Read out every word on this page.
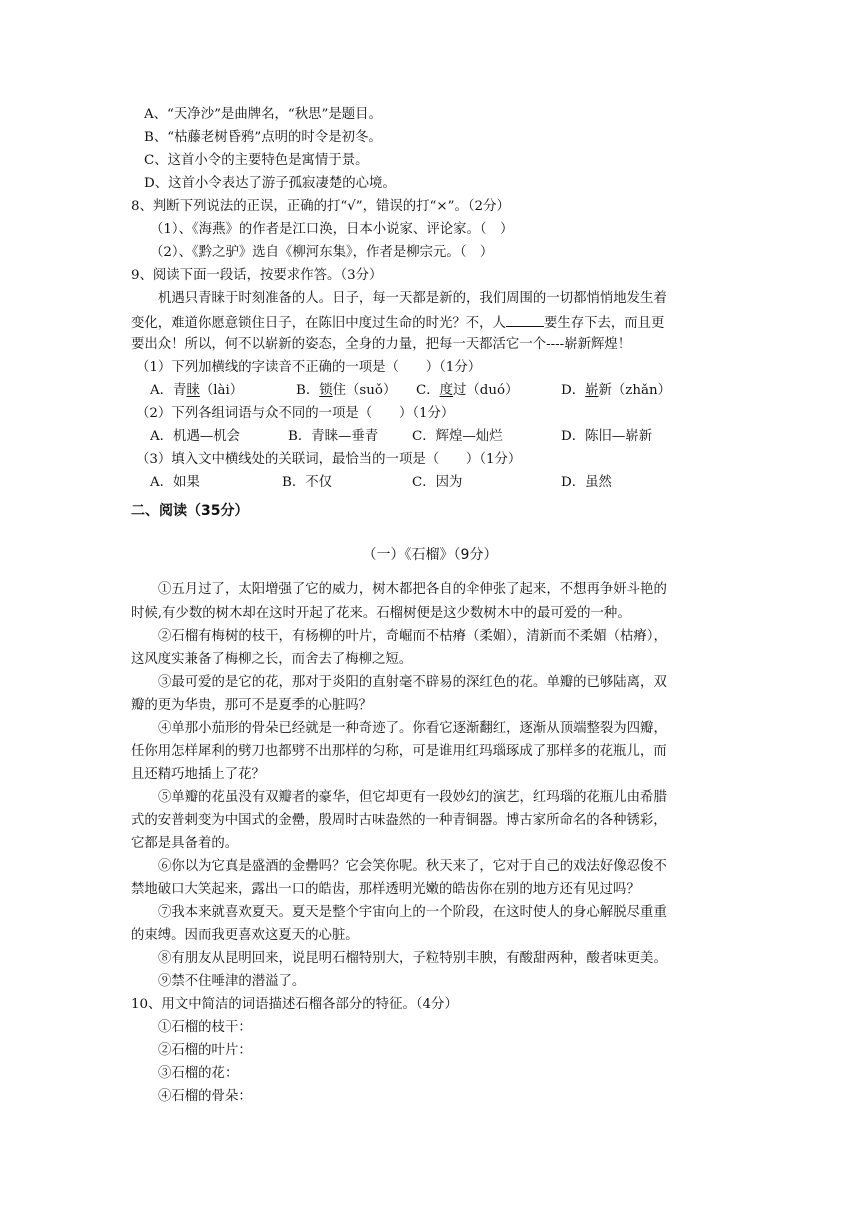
A、“天净沙”是曲牌名，“秋思”是题目。
B、“枯藤老树昏鸦”点明的时令是初冬。
C、这首小令的主要特色是寓情于景。
D、这首小令表达了游子孤寂凄楚的心境。
8、判断下列说法的正误，正确的打“√”，错误的打“×”。（2分）
（1）、《海燕》的作者是江口涣，日本小说家、评论家。（　）
（2）、《黔之驴》选自《柳河东集》，作者是柳宗元。（　）
9、阅读下面一段话，按要求作答。（3分）
机遇只青睐于时刻准备的人。日子，每一天都是新的，我们周围的一切都悄悄地发生着
变化，难道你愿意锁住日子，在陈旧中度过生命的时光？不，人	要生存下去，而且更
要出众！所以，何不以崭新的姿态，全身的力量，把每一天都活它一个----崭新辉煌！
（1）下列加横线的字读音不正确的一项是（　　）（1分）
A．青睐（lài）	B．锁住（suǒ） C．度过（duó）	D．崭新（zhǎn）
（2）下列各组词语与众不同的一项是（　　）（1分）
A．机遇—机会	B．青睐—垂青	C．辉煌—灿烂	D．陈旧—崭新
（3）填入文中横线处的关联词，最恰当的一项是（　　）（1分）
A．如果	B．不仅	C．因为	D．虽然
二、阅读（35分）
（一）《石榴》（9分）
①五月过了，太阳增强了它的威力，树木都把各自的伞伸张了起来，不想再争妍斗艳的
时候,有少数的树木却在这时开起了花来。石榴树便是这少数树木中的最可爱的一种。
②石榴有梅树的枝干，有杨柳的叶片，奇崛而不枯瘠（柔媚），清新而不柔媚（枯瘠），
这风度实兼备了梅柳之长，而舍去了梅柳之短。
③最可爱的是它的花，那对于炎阳的直射毫不辟易的深红色的花。单瓣的已够陆离，双
瓣的更为华贵，那可不是夏季的心脏吗？
④单那小茄形的骨朵已经就是一种奇迹了。你看它逐渐翻红，逐渐从顶端整裂为四瓣，
任你用怎样犀利的劈刀也都劈不出那样的匀称，可是谁用红玛瑙琢成了那样多的花瓶儿，而
且还精巧地插上了花？
⑤单瓣的花虽没有双瓣者的豪华，但它却更有一段妙幻的演艺，红玛瑙的花瓶儿由希腊
式的安普剌变为中国式的金罍，殷周时古味盎然的一种青铜器。博古家所命名的各种锈彩，
它都是具备着的。
⑥你以为它真是盛酒的金罍吗？它会笑你呢。秋天来了，它对于自己的戏法好像忍俊不
禁地破口大笑起来，露出一口的皓齿，那样透明光嫩的皓齿你在别的地方还有见过吗？
⑦我本来就喜欢夏天。夏天是整个宇宙向上的一个阶段，在这时使人的身心解脱尽重重
的束缚。因而我更喜欢这夏天的心脏。
⑧有朋友从昆明回来，说昆明石榴特别大，子粒特别丰腴，有酸甜两种，酸者味更美。
⑨禁不住唾津的潜溢了。
10、用文中简洁的词语描述石榴各部分的特征。（4分）
①石榴的枝干：
②石榴的叶片：
③石榴的花：
④石榴的骨朵：
